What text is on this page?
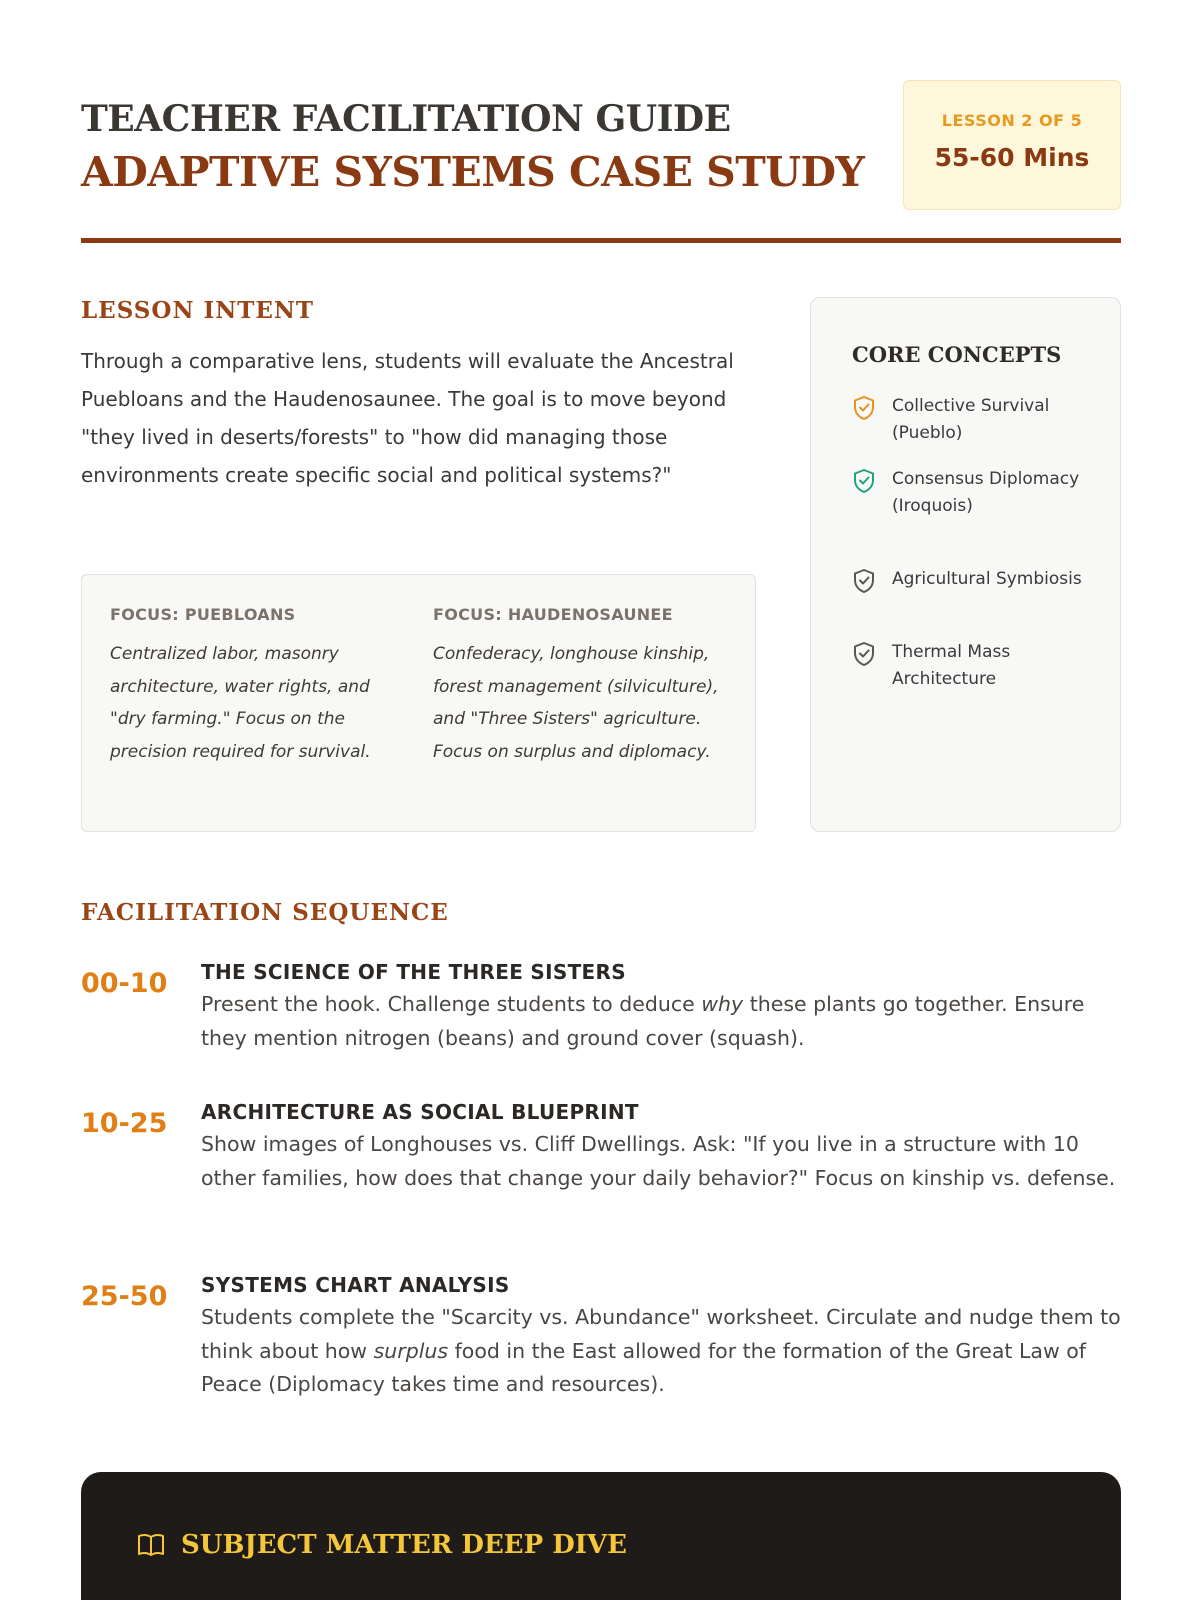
TEACHER FACILITATION GUIDE
ADAPTIVE SYSTEMS CASE STUDY
LESSON 2 OF 5
55-60 Mins
LESSON INTENT
Through a comparative lens, students will evaluate the Ancestral Puebloans and the Haudenosaunee. The goal is to move beyond "they lived in deserts/forests" to "how did managing those environments create specific social and political systems?"
FOCUS: PUEBLOANS
Centralized labor, masonry architecture, water rights, and "dry farming." Focus on the precision required for survival.
FOCUS: HAUDENOSAUNEE
Confederacy, longhouse kinship, forest management (silviculture), and "Three Sisters" agriculture. Focus on surplus and diplomacy.
CORE CONCEPTS
Collective Survival (Pueblo)
Consensus Diplomacy (Iroquois)
Agricultural Symbiosis
Thermal Mass Architecture
FACILITATION SEQUENCE
00-10 THE SCIENCE OF THE THREE SISTERS
Present the hook. Challenge students to deduce why these plants go together. Ensure they mention nitrogen (beans) and ground cover (squash).
10-25 ARCHITECTURE AS SOCIAL BLUEPRINT
Show images of Longhouses vs. Cliff Dwellings. Ask: "If you live in a structure with 10 other families, how does that change your daily behavior?" Focus on kinship vs. defense.
25-50 SYSTEMS CHART ANALYSIS
Students complete the "Scarcity vs. Abundance" worksheet. Circulate and nudge them to think about how surplus food in the East allowed for the formation of the Great Law of Peace (Diplomacy takes time and resources).
SUBJECT MATTER DEEP DIVE
